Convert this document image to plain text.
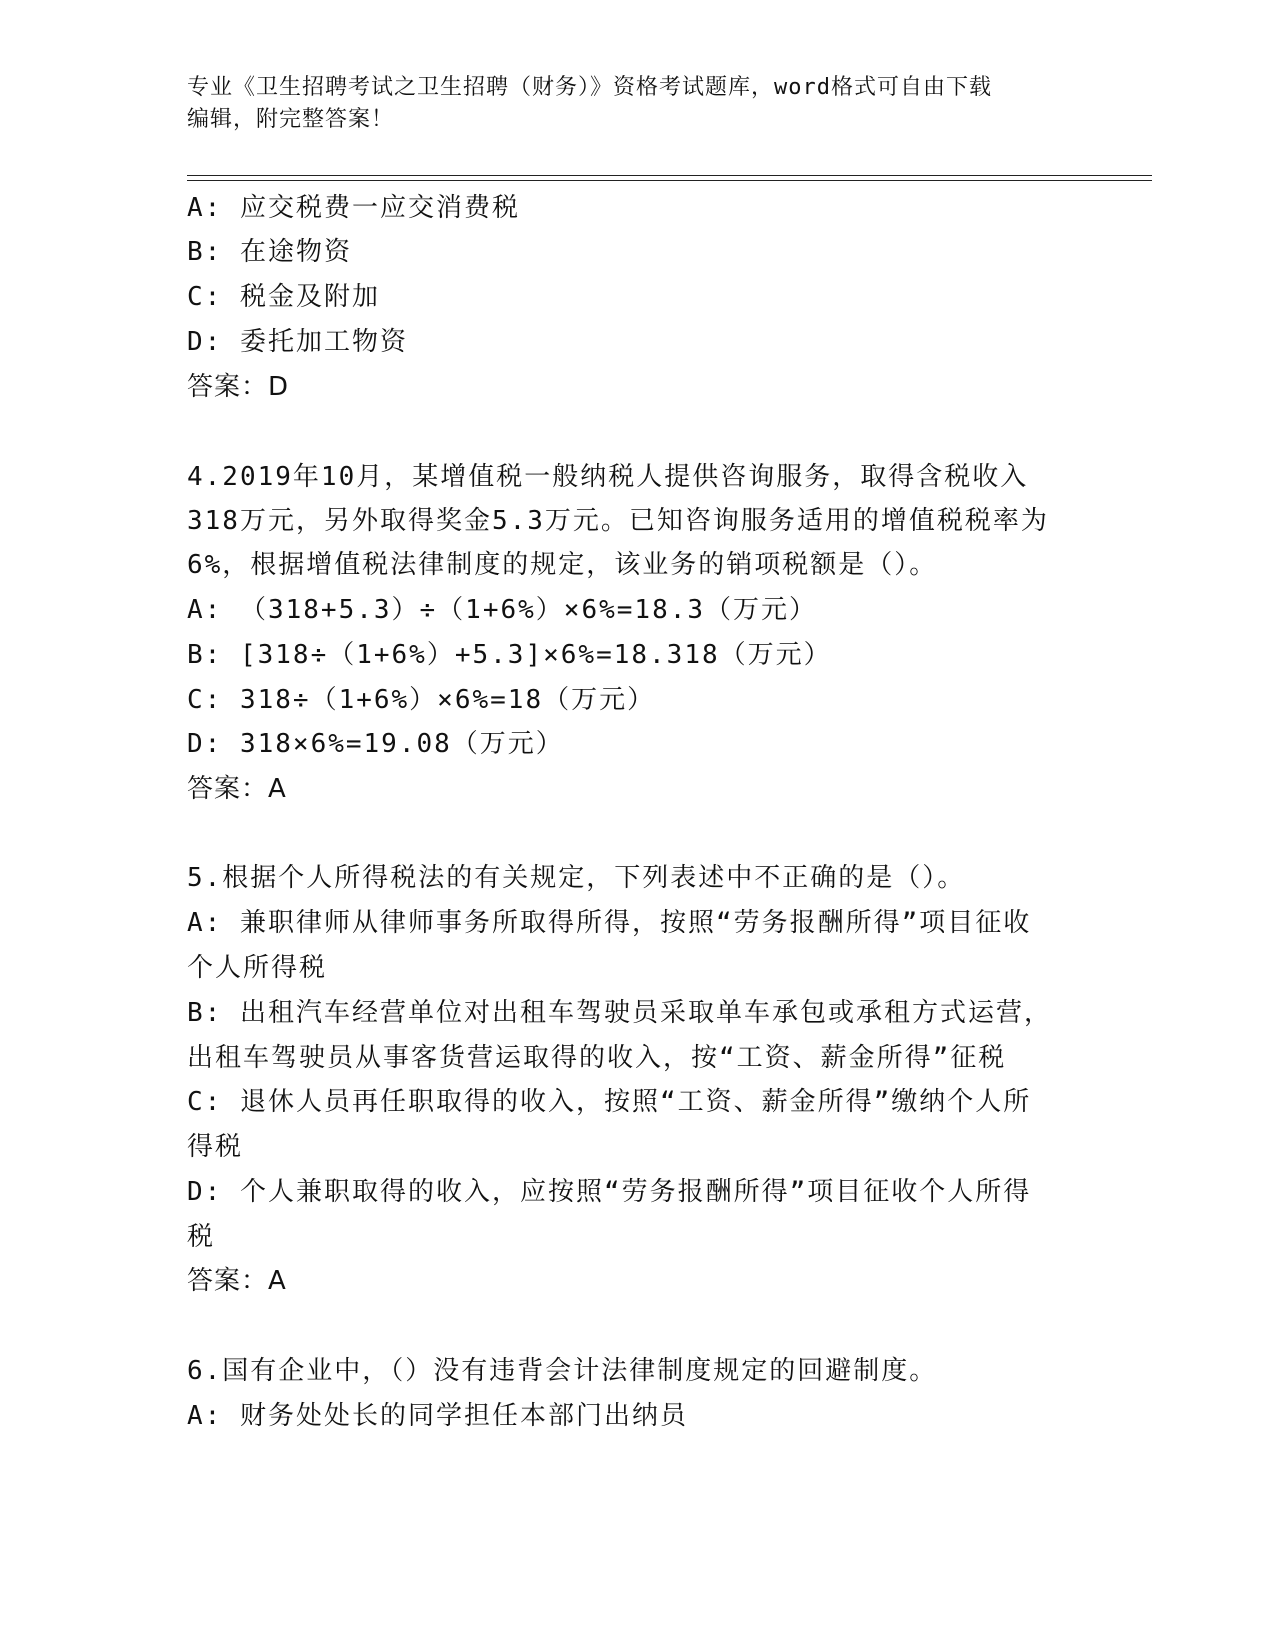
专业《卫生招聘考试之卫生招聘（财务）》资格考试题库，word格式可自由下载
编辑，附完整答案！
A: 应交税费一应交消费税
B: 在途物资
C: 税金及附加
D: 委托加工物资
答案：D
4.2019年10月，某增值税一般纳税人提供咨询服务，取得含税收入
318万元，另外取得奖金5.3万元。已知咨询服务适用的增值税税率为
6%，根据增值税法律制度的规定，该业务的销项税额是（）。
A: （318+5.3）÷（1+6%）×6%=18.3（万元）
B: [318÷（1+6%）+5.3]×6%=18.318（万元）
C: 318÷（1+6%）×6%=18（万元）
D: 318×6%=19.08（万元）
答案：A
5.根据个人所得税法的有关规定，下列表述中不正确的是（）。
A: 兼职律师从律师事务所取得所得，按照“劳务报酬所得”项目征收
个人所得税
B: 出租汽车经营单位对出租车驾驶员采取单车承包或承租方式运营，
出租车驾驶员从事客货营运取得的收入，按“工资、薪金所得”征税
C: 退休人员再任职取得的收入，按照“工资、薪金所得”缴纳个人所
得税
D: 个人兼职取得的收入，应按照“劳务报酬所得”项目征收个人所得
税
答案：A
6.国有企业中，（）没有违背会计法律制度规定的回避制度。
A: 财务处处长的同学担任本部门出纳员
